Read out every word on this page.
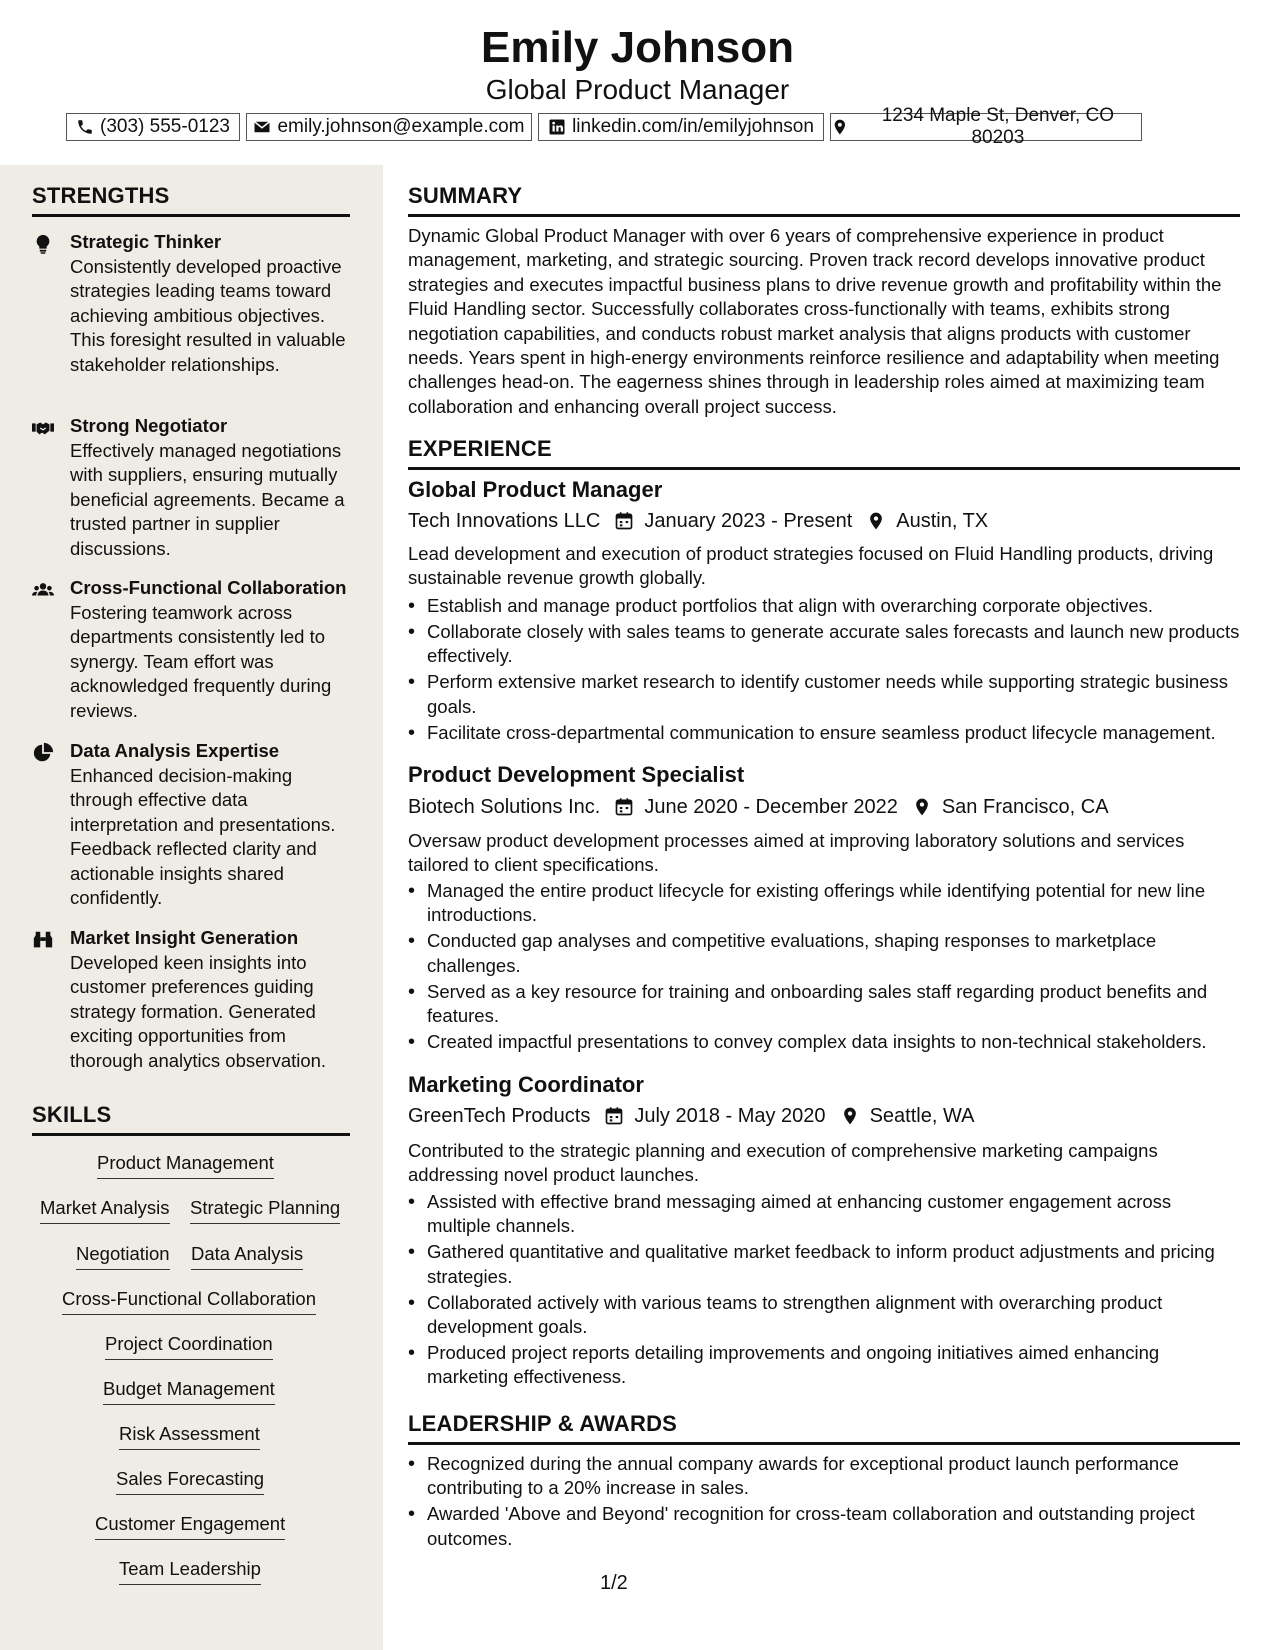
Emily Johnson
Global Product Manager
(303) 555-0123	emily.johnson@example.com	linkedin.com/in/emilyjohnson
1234 Maple St, Denver, CO 80203
STRENGTHS
Strategic Thinker
Consistently developed proactive strategies leading teams toward achieving ambitious objectives. This foresight resulted in valuable stakeholder relationships.
Strong Negotiator
Effectively managed negotiations with suppliers, ensuring mutually beneficial agreements. Became a trusted partner in supplier discussions.
Cross-Functional Collaboration
Fostering teamwork across departments consistently led to synergy. Team effort was acknowledged frequently during reviews.
Data Analysis Expertise
Enhanced decision-making through effective data interpretation and presentations. Feedback reflected clarity and actionable insights shared confidently.
Market Insight Generation
Developed keen insights into customer preferences guiding strategy formation. Generated exciting opportunities from thorough analytics observation.
SKILLS
Product Management
Market Analysis Strategic Planning
Negotiation Data Analysis
Cross-Functional Collaboration
Project Coordination
Budget Management
Risk Assessment
Sales Forecasting
Customer Engagement
Team Leadership
SUMMARY
Dynamic Global Product Manager with over 6 years of comprehensive experience in product management, marketing, and strategic sourcing. Proven track record develops innovative product strategies and executes impactful business plans to drive revenue growth and profitability within the Fluid Handling sector. Successfully collaborates cross-functionally with teams, exhibits strong negotiation capabilities, and conducts robust market analysis that aligns products with customer needs. Years spent in high-energy environments reinforce resilience and adaptability when meeting challenges head-on. The eagerness shines through in leadership roles aimed at maximizing team collaboration and enhancing overall project success.
EXPERIENCE
Global Product Manager
Tech Innovations LLC January 2023 - Present Austin, TX
Lead development and execution of product strategies focused on Fluid Handling products, driving sustainable revenue growth globally.
• Establish and manage product portfolios that align with overarching corporate objectives.
• Collaborate closely with sales teams to generate accurate sales forecasts and launch new products effectively.
• Perform extensive market research to identify customer needs while supporting strategic business goals.
• Facilitate cross-departmental communication to ensure seamless product lifecycle management.
Product Development Specialist
Biotech Solutions Inc. June 2020 - December 2022 San Francisco, CA
Oversaw product development processes aimed at improving laboratory solutions and services tailored to client specifications.
• Managed the entire product lifecycle for existing offerings while identifying potential for new line introductions.
• Conducted gap analyses and competitive evaluations, shaping responses to marketplace challenges.
• Served as a key resource for training and onboarding sales staff regarding product benefits and features.
• Created impactful presentations to convey complex data insights to non-technical stakeholders.
Marketing Coordinator
GreenTech Products July 2018 - May 2020 Seattle, WA
Contributed to the strategic planning and execution of comprehensive marketing campaigns addressing novel product launches.
• Assisted with effective brand messaging aimed at enhancing customer engagement across multiple channels.
• Gathered quantitative and qualitative market feedback to inform product adjustments and pricing strategies.
• Collaborated actively with various teams to strengthen alignment with overarching product development goals.
• Produced project reports detailing improvements and ongoing initiatives aimed enhancing marketing effectiveness.
LEADERSHIP & AWARDS
• Recognized during the annual company awards for exceptional product launch performance contributing to a 20% increase in sales.
• Awarded 'Above and Beyond' recognition for cross-team collaboration and outstanding project outcomes.
1/2
